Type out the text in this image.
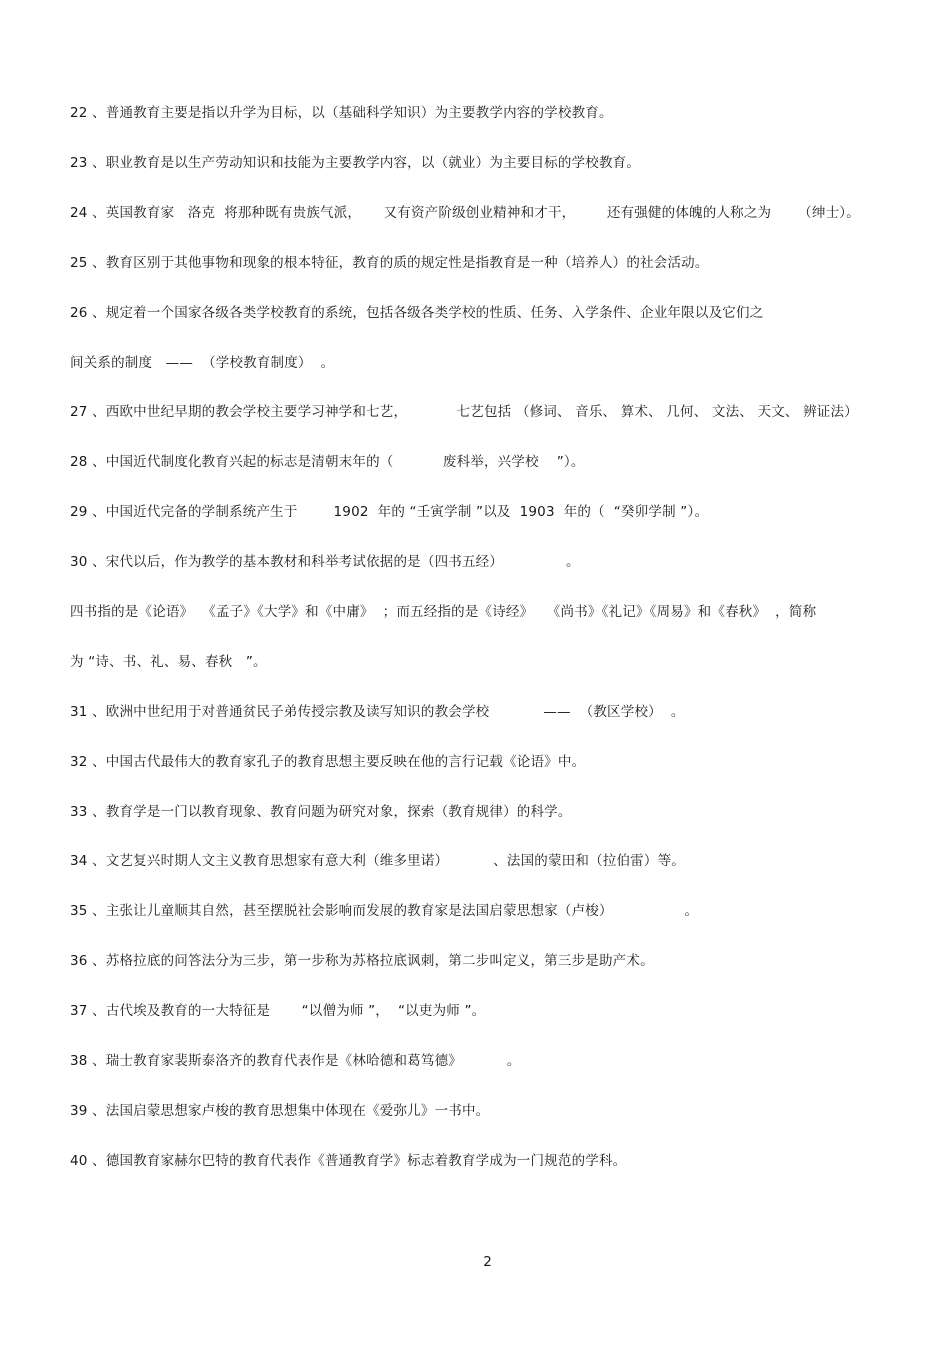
22 、普通教育主要是指以升学为目标，以（基础科学知识）为主要教学内容的学校教育。
23 、职业教育是以生产劳动知识和技能为主要教学内容，以（就业）为主要目标的学校教育。
24 、英国教育家   洛克  将那种既有贵族气派，     又有资产阶级创业精神和才干，       还有强健的体魄的人称之为      （绅士）。
25 、教育区别于其他事物和现象的根本特征，教育的质的规定性是指教育是一种（培养人）的社会活动。
26 、规定着一个国家各级各类学校教育的系统，包括各级各类学校的性质、任务、入学条件、企业年限以及它们之
间关系的制度   ——  （学校教育制度）  。
27 、西欧中世纪早期的教会学校主要学习神学和七艺，           七艺包括 （修词、 音乐、 算术、 几何、 文法、 天文、 辨证法）
28 、中国近代制度化教育兴起的标志是清朝末年的（           废科举，兴学校    ”）。
29 、中国近代完备的学制系统产生于        1902  年的 “壬寅学制 ”以及  1903  年的（  “癸卯学制 ”）。
30 、宋代以后，作为教学的基本教材和科举考试依据的是（四书五经）              。
四书指的是《论语》  《孟子》《大学》和《中庸》  ；而五经指的是《诗经》   《尚书》《礼记》《周易》和《春秋》  ，简称
为 “诗、书、礼、易、春秋   ”。
31 、欧洲中世纪用于对普通贫民子弟传授宗教及读写知识的教会学校            ——  （教区学校）  。
32 、中国古代最伟大的教育家孔子的教育思想主要反映在他的言行记载《论语》中。
33 、教育学是一门以教育现象、教育问题为研究对象，探索（教育规律）的科学。
34 、文艺复兴时期人文主义教育思想家有意大利（维多里诺）          、法国的蒙田和（拉伯雷）等。
35 、主张让儿童顺其自然，甚至摆脱社会影响而发展的教育家是法国启蒙思想家（卢梭）                。
36 、苏格拉底的问答法分为三步，第一步称为苏格拉底讽刺，第二步叫定义，第三步是助产术。
37 、古代埃及教育的一大特征是       “以僧为师 ”，  “以吏为师 ”。
38 、瑞士教育家裴斯泰洛齐的教育代表作是《林哈德和葛笃德》          。
39 、法国启蒙思想家卢梭的教育思想集中体现在《爱弥儿》一书中。
40 、德国教育家赫尔巴特的教育代表作《普通教育学》标志着教育学成为一门规范的学科。
2
